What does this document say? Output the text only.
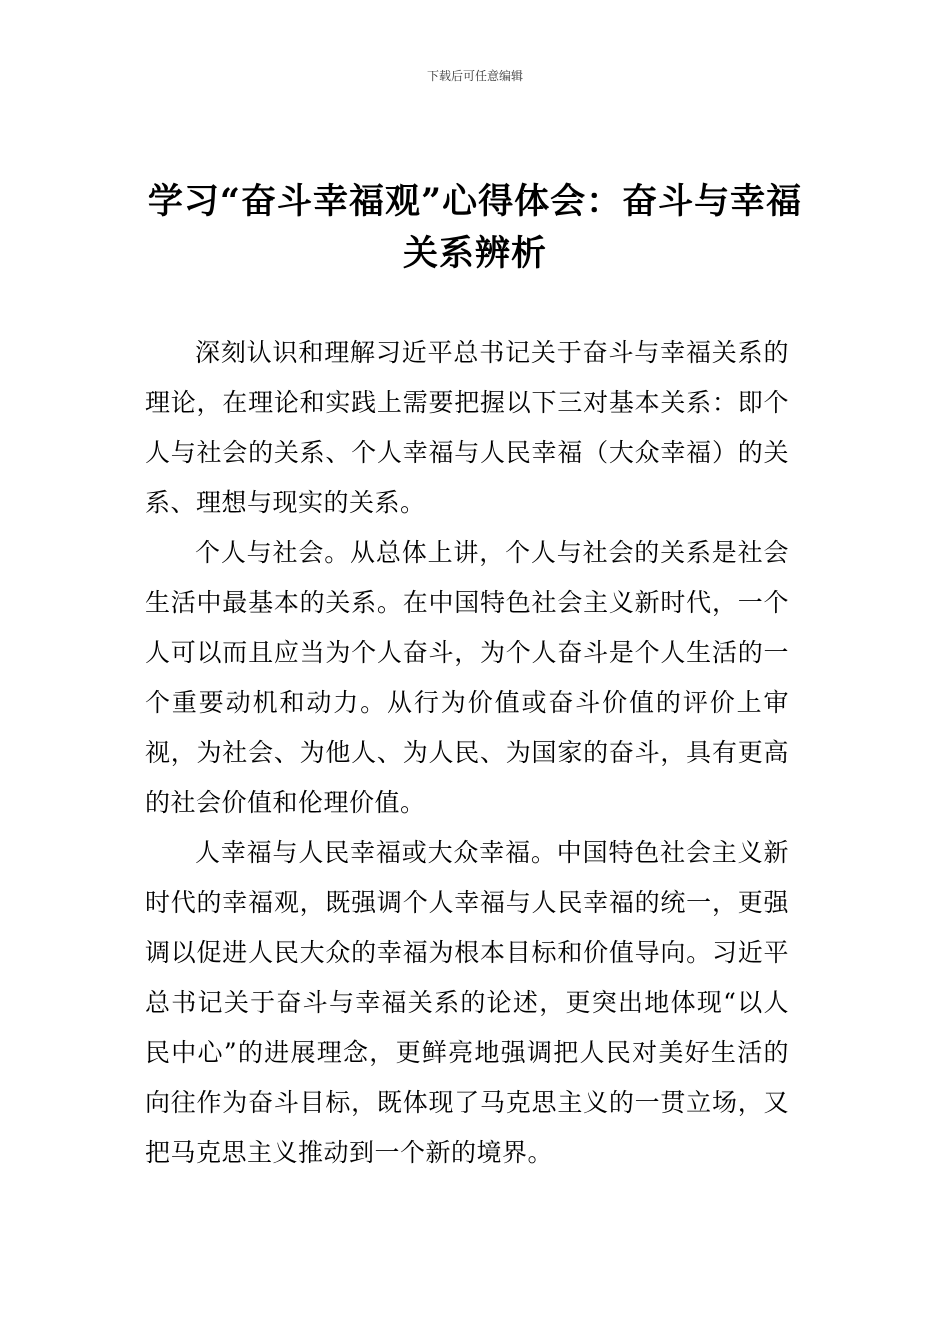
下载后可任意编辑
学习“奋斗幸福观”心得体会：奋斗与幸福关系辨析

深刻认识和理解习近平总书记关于奋斗与幸福关系的理论，在理论和实践上需要把握以下三对基本关系：即个人与社会的关系、个人幸福与人民幸福（大众幸福）的关系、理想与现实的关系。

个人与社会。从总体上讲，个人与社会的关系是社会生活中最基本的关系。在中国特色社会主义新时代，一个人可以而且应当为个人奋斗，为个人奋斗是个人生活的一个重要动机和动力。从行为价值或奋斗价值的评价上审视，为社会、为他人、为人民、为国家的奋斗，具有更高的社会价值和伦理价值。

人幸福与人民幸福或大众幸福。中国特色社会主义新时代的幸福观，既强调个人幸福与人民幸福的统一，更强调以促进人民大众的幸福为根本目标和价值导向。习近平总书记关于奋斗与幸福关系的论述，更突出地体现“以人民中心”的进展理念，更鲜亮地强调把人民对美好生活的向往作为奋斗目标，既体现了马克思主义的一贯立场，又把马克思主义推动到一个新的境界。
